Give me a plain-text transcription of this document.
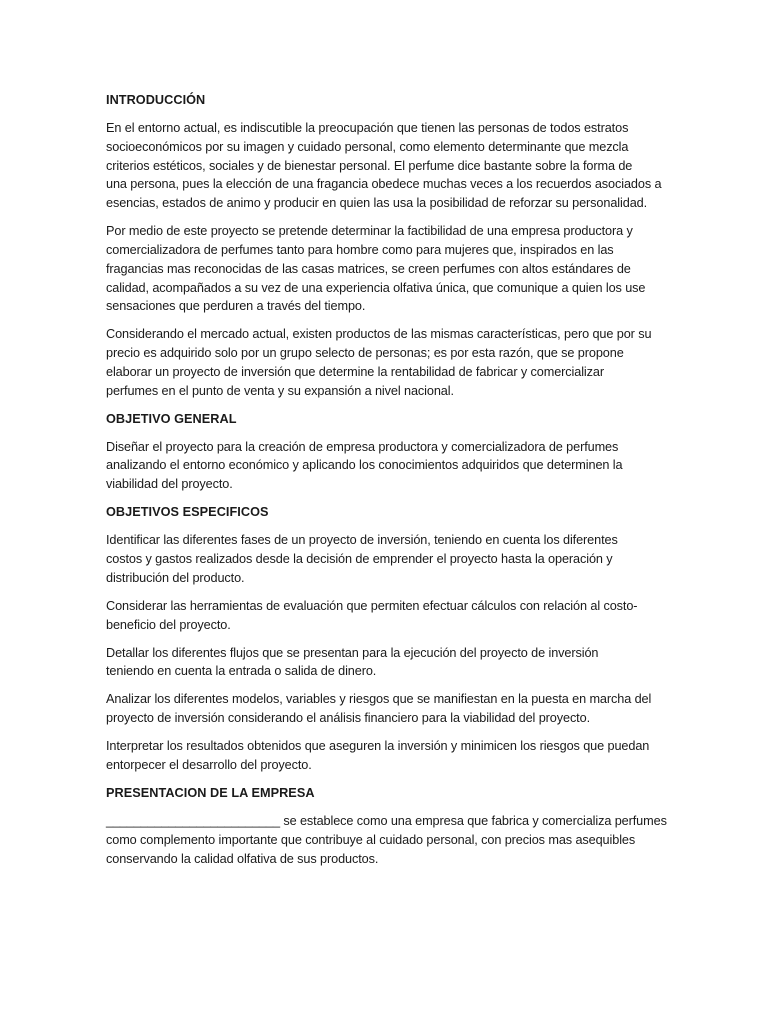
INTRODUCCIÓN
En el entorno actual, es indiscutible la preocupación que tienen las personas de todos estratos
socioeconómicos por su imagen y cuidado personal, como elemento determinante que mezcla
criterios estéticos, sociales y de bienestar personal. El perfume dice bastante sobre la forma de
una persona, pues la elección de una fragancia obedece muchas veces a los recuerdos asociados a
esencias, estados de animo y producir en quien las usa la posibilidad de reforzar su personalidad.
Por medio de este proyecto se pretende determinar la factibilidad de una empresa productora y
comercializadora de perfumes tanto para hombre como para mujeres que, inspirados en las
fragancias mas reconocidas de las casas matrices, se creen perfumes con altos estándares de
calidad, acompañados a su vez de una experiencia olfativa única, que comunique a quien los use
sensaciones que perduren a través del tiempo.
Considerando el mercado actual, existen productos de las mismas características, pero que por su
precio es adquirido solo por un grupo selecto de personas; es por esta razón, que se propone
elaborar un proyecto de inversión que determine la rentabilidad de fabricar y comercializar
perfumes en el punto de venta y su expansión a nivel nacional.
OBJETIVO GENERAL
Diseñar el proyecto para la creación de empresa productora y comercializadora de perfumes
analizando el entorno económico y aplicando los conocimientos adquiridos que determinen la
viabilidad del proyecto.
OBJETIVOS ESPECIFICOS
Identificar las diferentes fases de un proyecto de inversión, teniendo en cuenta los diferentes
costos y gastos realizados desde la decisión de emprender el proyecto hasta la operación y
distribución del producto.
Considerar las herramientas de evaluación que permiten efectuar cálculos con relación al costo-
beneficio del proyecto.
Detallar los diferentes flujos que se presentan para la ejecución del proyecto de inversión
teniendo en cuenta la entrada o salida de dinero.
Analizar los diferentes modelos, variables y riesgos que se manifiestan en la puesta en marcha del
proyecto de inversión considerando el análisis financiero para la viabilidad del proyecto.
Interpretar los resultados obtenidos que aseguren la inversión y minimicen los riesgos que puedan
entorpecer el desarrollo del proyecto.
PRESENTACION DE LA EMPRESA
_________________________ se establece como una empresa que fabrica y comercializa perfumes
como complemento importante que contribuye al cuidado personal, con precios mas asequibles
conservando la calidad olfativa de sus productos.
